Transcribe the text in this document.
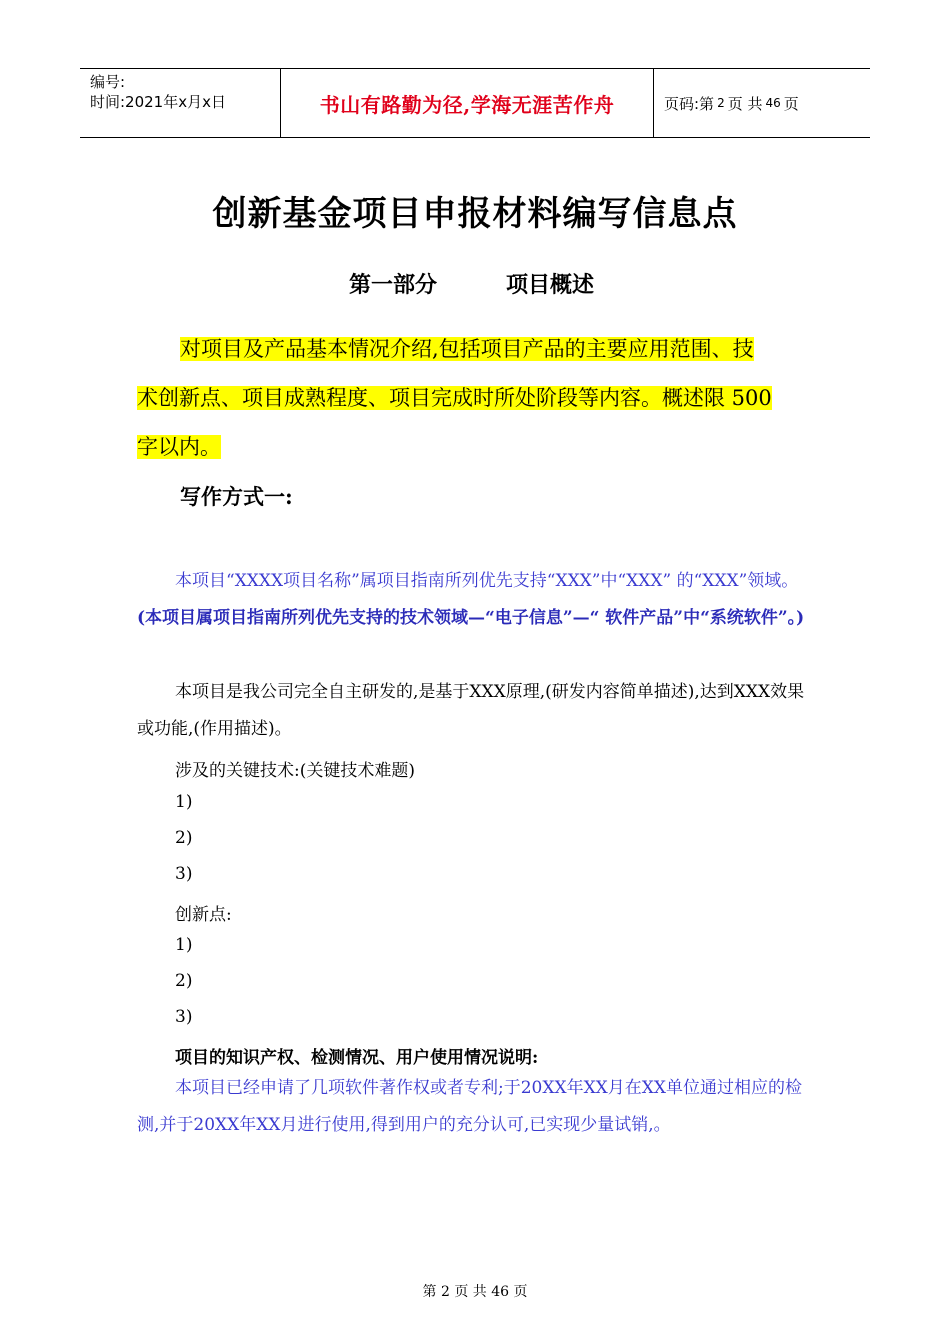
编号:
时间:2021年x月x日	书山有路勤为径,学海无涯苦作舟	页码:第 2 页 共 46 页
创新基金项目申报材料编写信息点
第一部分	项目概述
对项目及产品基本情况介绍,包括项目产品的主要应用范围、技
术创新点、项目成熟程度、项目完成时所处阶段等内容。概述限 500
字以内。
写作方式一:
本项目“XXXX项目名称”属项目指南所列优先支持“XXX”中“XXX” 的“XXX”领域。(本项目属项目指南所列优先支持的技术领域—“电子信息”—“ 软件产品”中“系统软件”。)
本项目是我公司完全自主研发的,是基于XXX原理,(研发内容简单描述),达到XXX效果或功能,(作用描述)。
涉及的关键技术:(关键技术难题)
1)
2)
3)
创新点:
1)
2)
3)
项目的知识产权、检测情况、用户使用情况说明:
本项目已经申请了几项软件著作权或者专利;于20XX年XX月在XX单位通过相应的检测,并于20XX年XX月进行使用,得到用户的充分认可,已实现少量试销,。
第 2 页 共 46 页
